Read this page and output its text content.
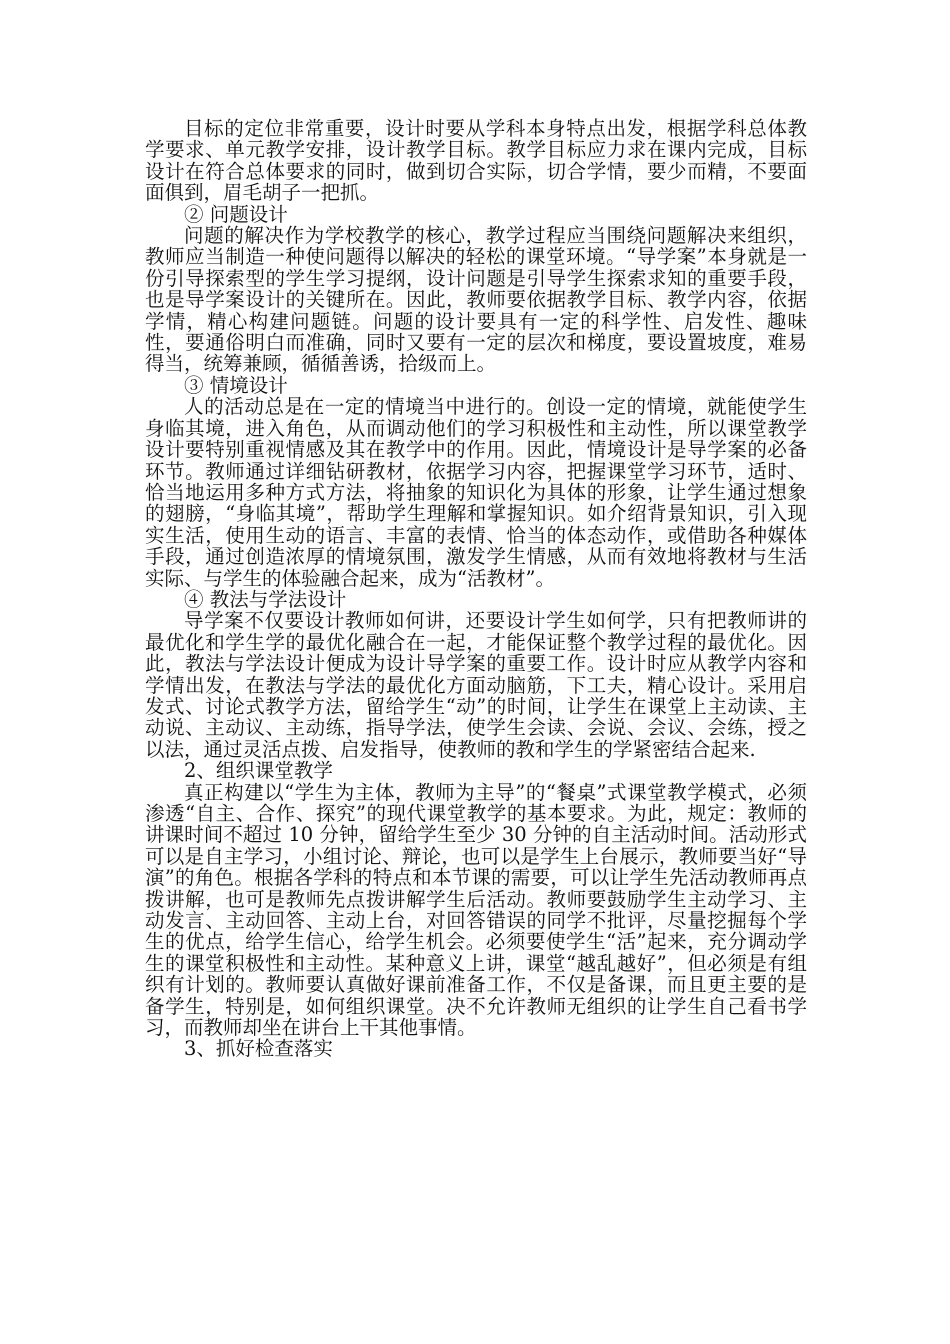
目标的定位非常重要，设计时要从学科本身特点出发，根据学科总体教学要求、单元教学安排，设计教学目标。教学目标应力求在课内完成，目标设计在符合总体要求的同时，做到切合实际，切合学情，要少而精，不要面面俱到，眉毛胡子一把抓。

② 问题设计

问题的解决作为学校教学的核心，教学过程应当围绕问题解决来组织，教师应当制造一种使问题得以解决的轻松的课堂环境。“导学案”本身就是一份引导探索型的学生学习提纲，设计问题是引导学生探索求知的重要手段，也是导学案设计的关键所在。因此，教师要依据教学目标、教学内容，依据学情，精心构建问题链。问题的设计要具有一定的科学性、启发性、趣味性，要通俗明白而准确，同时又要有一定的层次和梯度，要设置坡度，难易得当，统筹兼顾，循循善诱，拾级而上。

③ 情境设计

人的活动总是在一定的情境当中进行的。创设一定的情境，就能使学生身临其境，进入角色，从而调动他们的学习积极性和主动性，所以课堂教学设计要特别重视情感及其在教学中的作用。因此，情境设计是导学案的必备环节。教师通过详细钻研教材，依据学习内容，把握课堂学习环节，适时、恰当地运用多种方式方法，将抽象的知识化为具体的形象，让学生通过想象的翅膀，“身临其境”，帮助学生理解和掌握知识。如介绍背景知识，引入现实生活，使用生动的语言、丰富的表情、恰当的体态动作，或借助各种媒体手段，通过创造浓厚的情境氛围，激发学生情感，从而有效地将教材与生活实际、与学生的体验融合起来，成为“活教材”。

④ 教法与学法设计

导学案不仅要设计教师如何讲，还要设计学生如何学，只有把教师讲的最优化和学生学的最优化融合在一起，才能保证整个教学过程的最优化。因此，教法与学法设计便成为设计导学案的重要工作。设计时应从教学内容和学情出发，在教法与学法的最优化方面动脑筋，下工夫，精心设计。采用启发式、讨论式教学方法，留给学生“动”的时间，让学生在课堂上主动读、主动说、主动议、主动练，指导学法，使学生会读、会说、会议、会练，授之以法，通过灵活点拨、启发指导，使教师的教和学生的学紧密结合起来.

2、组织课堂教学

真正构建以“学生为主体，教师为主导”的“餐桌”式课堂教学模式，必须渗透“自主、合作、探究”的现代课堂教学的基本要求。为此，规定：教师的讲课时间不超过 10 分钟，留给学生至少 30 分钟的自主活动时间。活动形式可以是自主学习，小组讨论、辩论，也可以是学生上台展示，教师要当好“导演”的角色。根据各学科的特点和本节课的需要，可以让学生先活动教师再点拨讲解，也可是教师先点拨讲解学生后活动。教师要鼓励学生主动学习、主动发言、主动回答、主动上台，对回答错误的同学不批评，尽量挖掘每个学生的优点，给学生信心，给学生机会。必须要使学生“活”起来，充分调动学生的课堂积极性和主动性。某种意义上讲，课堂“越乱越好”，但必须是有组织有计划的。教师要认真做好课前准备工作，不仅是备课，而且更主要的是备学生，特别是，如何组织课堂。决不允许教师无组织的让学生自己看书学习，而教师却坐在讲台上干其他事情。

3、抓好检查落实
